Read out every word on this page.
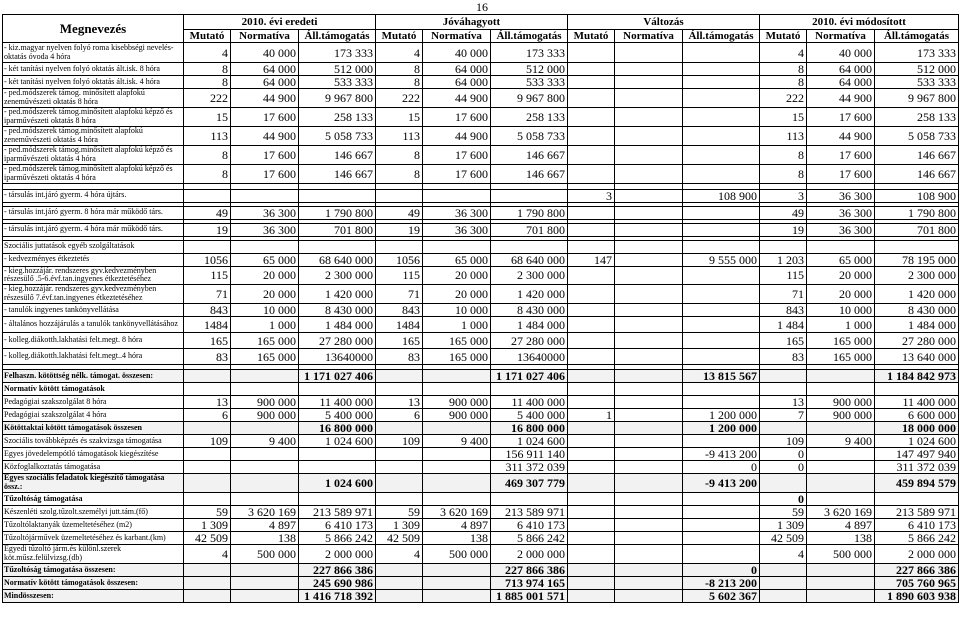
16
Megnevezés	2010. évi eredeti			Jóváhagyott			Változás			2010. évi módosított		
	Mutató	Normatíva	Áll.támogatás	Mutató	Normatíva	Áll.támogatás	Mutató	Normatíva	Áll.támogatás	Mutató	Normatíva	Áll.támogatás
- kiz.magyar nyelven folyó roma kisebbségi nevelés-oktatás óvoda 4 hóra	4	40 000	173 333	4	40 000	173 333				4	40 000	173 333
- két tanítási nyelven folyó oktatás ált.isk. 8 hóra	8	64 000	512 000	8	64 000	512 000				8	64 000	512 000
- két tanítási nyelven folyó oktatás ált.isk. 4 hóra	8	64 000	533 333	8	64 000	533 333				8	64 000	533 333
- ped.módszerek támog. minősített alapfokú zeneművészeti oktatás 8 hóra	222	44 900	9 967 800	222	44 900	9 967 800				222	44 900	9 967 800
- ped.módszerek támog.minősített alapfokú képző és iparművészeti oktatás 8 hóra	15	17 600	258 133	15	17 600	258 133				15	17 600	258 133
- ped.módszerek támog.minősített alapfokú zeneművészeti oktatás 4 hóra	113	44 900	5 058 733	113	44 900	5 058 733				113	44 900	5 058 733
- ped.módszerek támog.minősített alapfokú képző és iparművészeti oktatás 4 hóra	8	17 600	146 667	8	17 600	146 667				8	17 600	146 667
- ped.módszerek támog.minősített alapfokú képző és iparművészeti oktatás 4 hóra	8	17 600	146 667	8	17 600	146 667				8	17 600	146 667

- társulás int.járó gyerm. 4 hóra újtárs.							3		108 900	3	36 300	108 900

- társulás int.járó gyerm. 8 hóra már működő társ.	49	36 300	1 790 800	49	36 300	1 790 800				49	36 300	1 790 800

- társulás int.járó gyerm. 4 hóra már működő társ.	19	36 300	701 800	19	36 300	701 800				19	36 300	701 800

Szociális juttatások egyéb szolgáltatások												
- kedvezményes étkeztetés	1056	65 000	68 640 000	1056	65 000	68 640 000	147		9 555 000	1 203	65 000	78 195 000
- kieg.hozzájár. rendszeres gyv.kedvezményben részesülő .5-6.évf.tan.ingyenes étkeztetéséhez	115	20 000	2 300 000	115	20 000	2 300 000				115	20 000	2 300 000
- kieg.hozzájár. rendszeres gyv.kedvezményben részesülő 7.évf.tan.ingyenes étkeztetéséhez	71	20 000	1 420 000	71	20 000	1 420 000				71	20 000	1 420 000
- tanulók ingyenes tankönyvellátása	843	10 000	8 430 000	843	10 000	8 430 000				843	10 000	8 430 000
- általános hozzájárulás a tanulók tankönyvellátásához	1484	1 000	1 484 000	1484	1 000	1 484 000				1 484	1 000	1 484 000
- kolleg.diákotth.lakhatási felt.megt. 8 hóra	165	165 000	27 280 000	165	165 000	27 280 000				165	165 000	27 280 000
- kolleg.diákotth.lakhatási felt.megt..4 hóra	83	165 000	13640000	83	165 000	13640000				83	165 000	13 640 000

Felhaszn. kötöttség nélk. támogat. összesen:			1 171 027 406			1 171 027 406			13 815 567			1 184 842 973
Normatív kötött támogatások												
Pedagógiai szakszolgálat 8 hóra	13	900 000	11 400 000	13	900 000	11 400 000				13	900 000	11 400 000
Pedagógiai szakszolgálat 4 hóra	6	900 000	5 400 000	6	900 000	5 400 000	1		1 200 000	7	900 000	6 600 000
Kötöttaktai kötött támogatások összesen			16 800 000			16 800 000			1 200 000			18 000 000
Szociális továbbképzés és szakvizsga támogatása	109	9 400	1 024 600	109	9 400	1 024 600				109	9 400	1 024 600
Egyes jövedelempótló támogatások kiegészítése						156 911 140			-9 413 200	0		147 497 940
Közfoglalkoztatás támogatása						311 372 039			0	0		311 372 039
Egyes szociális feladatok kiegészítő támogatása össz.:			1 024 600			469 307 779			-9 413 200			459 894 579
Tűzoltóság támogatása										0		
Készenléti szolg.tűzolt.személyi jutt.tám.(fő)	59	3 620 169	213 589 971	59	3 620 169	213 589 971				59	3 620 169	213 589 971
Tűzoltólaktanyák üzemeltetéséhez (m2)	1 309	4 897	6 410 173	1 309	4 897	6 410 173				1 309	4 897	6 410 173
Tűzoltójárművek üzemeltetéséhez és karbant.(km)	42 509	138	5 866 242	42 509	138	5 866 242				42 509	138	5 866 242
Egyedi tűzoltó járm.és különl.szerek köt.műsz.felülvizsg.(db)	4	500 000	2 000 000	4	500 000	2 000 000				4	500 000	2 000 000
Tűzoltóság támogatása összesen:			227 866 386			227 866 386			0			227 866 386
Normatív kötött támogatások összesen:			245 690 986			713 974 165			-8 213 200			705 760 965
Mindösszesen:			1 416 718 392			1 885 001 571			5 602 367			1 890 603 938
